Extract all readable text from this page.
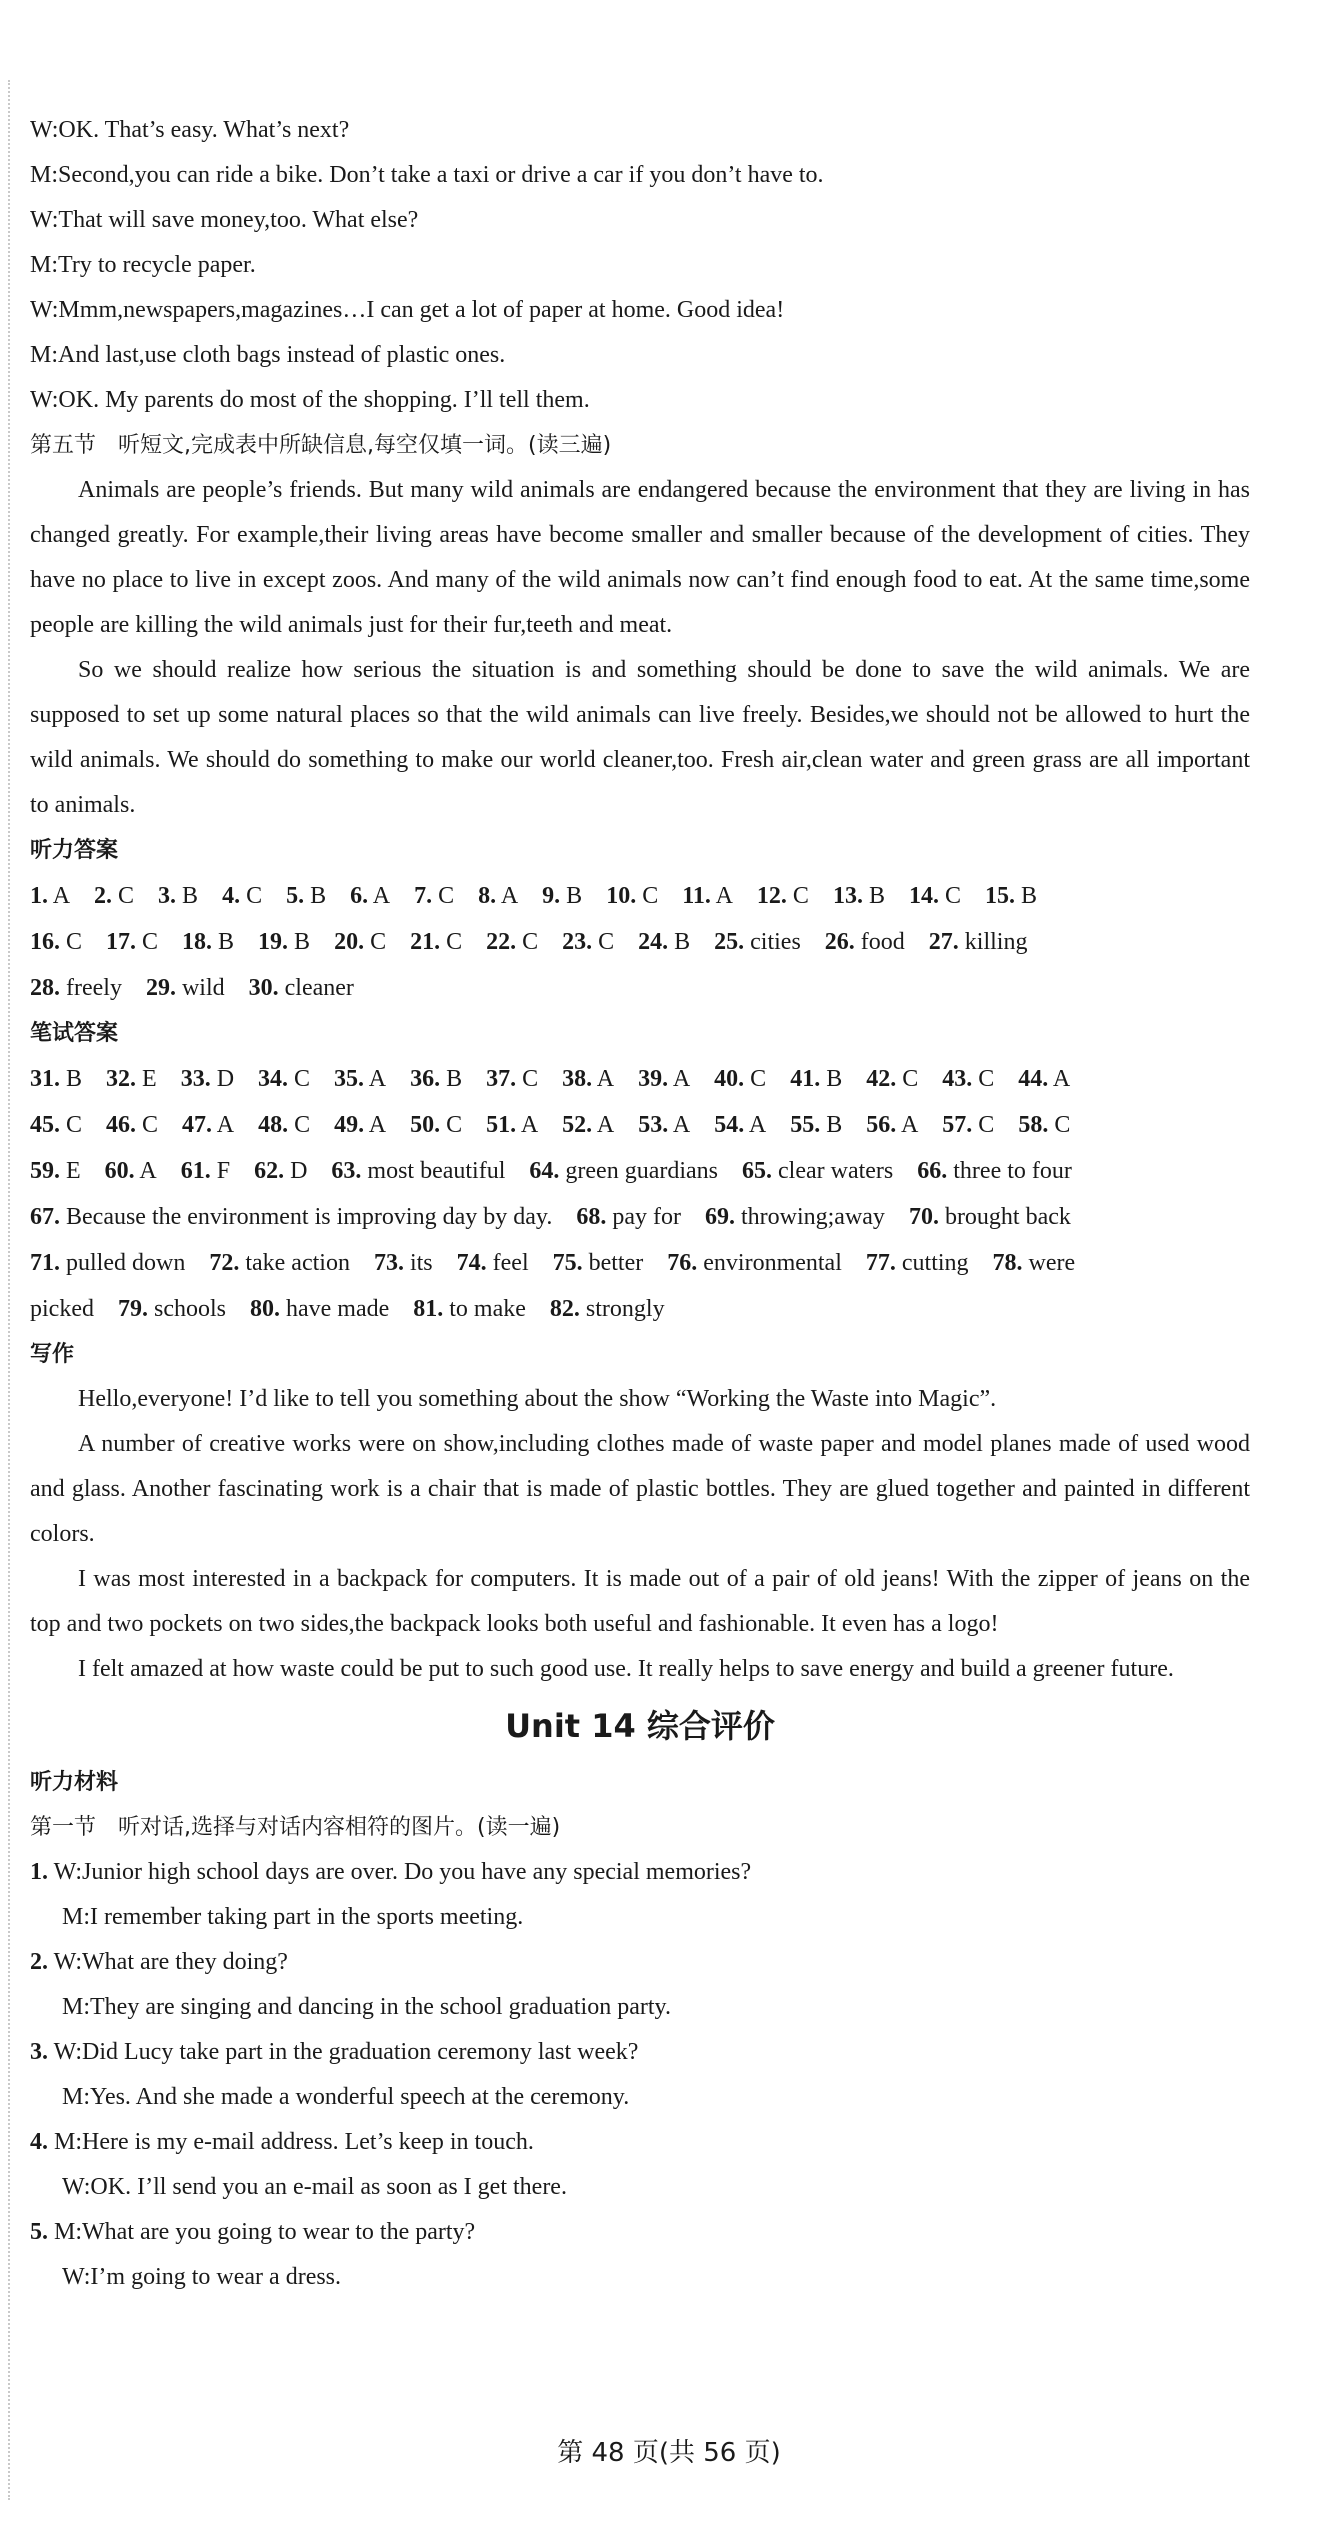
W:OK. That’s easy. What’s next?
M:Second,you can ride a bike. Don’t take a taxi or drive a car if you don’t have to.
W:That will save money,too. What else?
M:Try to recycle paper.
W:Mmm,newspapers,magazines…I can get a lot of paper at home. Good idea!
M:And last,use cloth bags instead of plastic ones.
W:OK. My parents do most of the shopping. I’ll tell them.
第五节　听短文,完成表中所缺信息,每空仅填一词。(读三遍)

Animals are people’s friends. But many wild animals are endangered because the environment that they are living in has changed greatly. For example,their living areas have become smaller and smaller because of the development of cities. They have no place to live in except zoos. And many of the wild animals now can’t find enough food to eat. At the same time,some people are killing the wild animals just for their fur,teeth and meat.

So we should realize how serious the situation is and something should be done to save the wild animals. We are supposed to set up some natural places so that the wild animals can live freely. Besides,we should not be allowed to hurt the wild animals. We should do something to make our world cleaner,too. Fresh air,clean water and green grass are all important to animals.

听力答案
1. A 2. C 3. B 4. C 5. B 6. A 7. C 8. A 9. B 10. C 11. A 12. C 13. B 14. C 15. B
16. C 17. C 18. B 19. B 20. C 21. C 22. C 23. C 24. B 25. cities 26. food 27. killing
28. freely 29. wild 30. cleaner
笔试答案
31. B 32. E 33. D 34. C 35. A 36. B 37. C 38. A 39. A 40. C 41. B 42. C 43. C 44. A
45. C 46. C 47. A 48. C 49. A 50. C 51. A 52. A 53. A 54. A 55. B 56. A 57. C 58. C
59. E 60. A 61. F 62. D 63. most beautiful 64. green guardians 65. clear waters 66. three to four
67. Because the environment is improving day by day. 68. pay for 69. throwing;away 70. brought back
71. pulled down 72. take action 73. its 74. feel 75. better 76. environmental 77. cutting 78. were
picked 79. schools 80. have made 81. to make 82. strongly
写作

Hello,everyone! I’d like to tell you something about the show “Working the Waste into Magic”.

A number of creative works were on show,including clothes made of waste paper and model planes made of used wood and glass. Another fascinating work is a chair that is made of plastic bottles. They are glued together and painted in different colors.

I was most interested in a backpack for computers. It is made out of a pair of old jeans! With the zipper of jeans on the top and two pockets on two sides,the backpack looks both useful and fashionable. It even has a logo!

I felt amazed at how waste could be put to such good use. It really helps to save energy and build a greener future.

Unit 14 综合评价
听力材料
第一节　听对话,选择与对话内容相符的图片。(读一遍)
1. W:Junior high school days are over. Do you have any special memories?
M:I remember taking part in the sports meeting.
2. W:What are they doing?
M:They are singing and dancing in the school graduation party.
3. W:Did Lucy take part in the graduation ceremony last week?
M:Yes. And she made a wonderful speech at the ceremony.
4. M:Here is my e-mail address. Let’s keep in touch.
W:OK. I’ll send you an e-mail as soon as I get there.
5. M:What are you going to wear to the party?
W:I’m going to wear a dress.
第 48 页(共 56 页)
